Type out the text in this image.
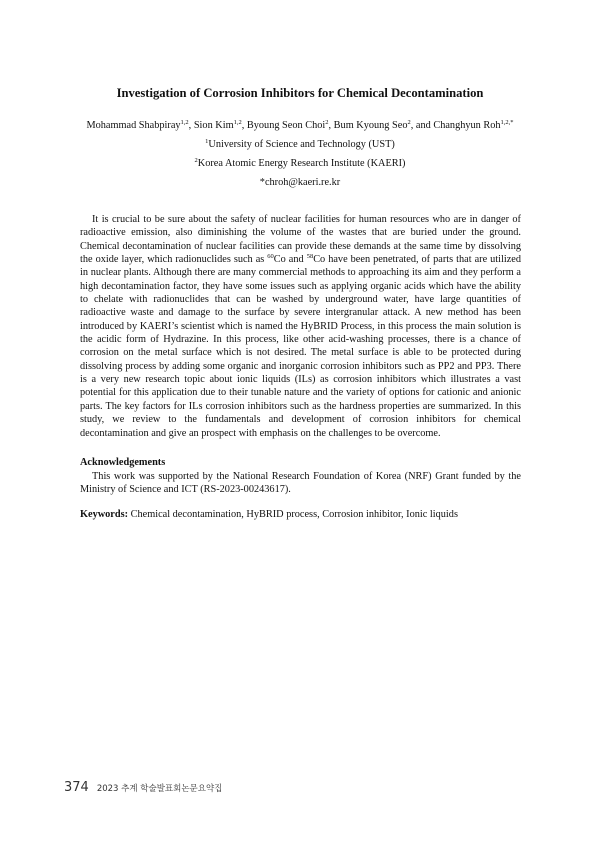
Investigation of Corrosion Inhibitors for Chemical Decontamination
Mohammad Shabpiray$^{1,2}$, Sion Kim$^{1,2}$, Byoung Seon Choi$^2$, Bum Kyoung Seo$^2$, and Changhyun Roh$^{1,2,*}$
$^1$University of Science and Technology (UST)
$^2$Korea Atomic Energy Research Institute (KAERI)
*chroh@kaeri.re.kr

It is crucial to be sure about the safety of nuclear facilities for human resources who are in danger of radioactive emission, also diminishing the volume of the wastes that are buried under the ground. Chemical decontamination of nuclear facilities can provide these demands at the same time by dissolving the oxide layer, which radionuclides such as $^{60}$Co and $^{58}$Co have been penetrated, of parts that are utilized in nuclear plants. Although there are many commercial methods to approaching its aim and they perform a high decontamination factor, they have some issues such as applying organic acids which have the ability to chelate with radionuclides that can be washed by underground water, have large quantities of radioactive waste and damage to the surface by severe intergranular attack. A new method has been introduced by KAERI’s scientist which is named the HyBRID Process, in this process the main solution is the acidic form of Hydrazine. In this process, like other acid-washing processes, there is a chance of corrosion on the metal surface which is not desired. The metal surface is able to be protected during dissolving process by adding some organic and inorganic corrosion inhibitors such as PP2 and PP3. There is a very new research topic about ionic liquids (ILs) as corrosion inhibitors which illustrates a vast potential for this application due to their tunable nature and the variety of options for cationic and anionic parts. The key factors for ILs corrosion inhibitors such as the hardness properties are summarized. In this study, we review to the fundamentals and development of corrosion inhibitors for chemical decontamination and give an prospect with emphasis on the challenges to be overcome.

Acknowledgements

This work was supported by the National Research Foundation of Korea (NRF) Grant funded by the Ministry of Science and ICT (RS-2023-00243617).

Keywords: Chemical decontamination, HyBRID process, Corrosion inhibitor, Ionic liquids
374 2023 추계 학술발표회논문요약집
